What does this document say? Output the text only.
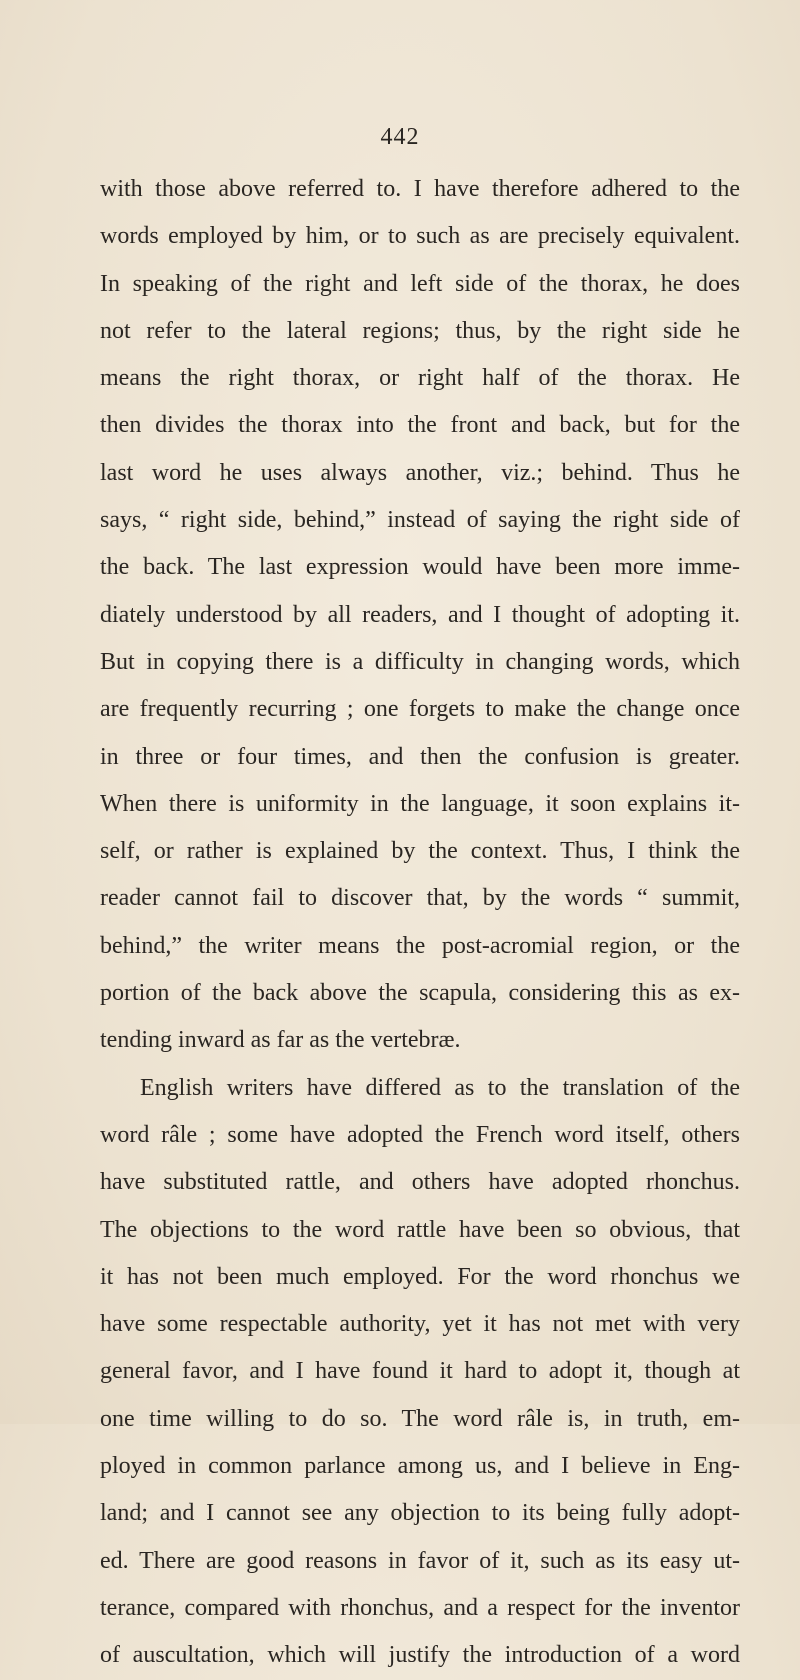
442
with those above referred to. I have therefore adhered to the
words employed by him, or to such as are precisely equivalent.
In speaking of the right and left side of the thorax, he does
not refer to the lateral regions; thus, by the right side he
means the right thorax, or right half of the thorax. He
then divides the thorax into the front and back, but for the
last word he uses always another, viz.; behind. Thus he
says, “ right side, behind,” instead of saying the right side of
the back. The last expression would have been more imme-
diately understood by all readers, and I thought of adopting it.
But in copying there is a difficulty in changing words, which
are frequently recurring ; one forgets to make the change once
in three or four times, and then the confusion is greater.
When there is uniformity in the language, it soon explains it-
self, or rather is explained by the context. Thus, I think the
reader cannot fail to discover that, by the words “ summit,
behind,” the writer means the post-acromial region, or the
portion of the back above the scapula, considering this as ex-
tending inward as far as the vertebræ.
English writers have differed as to the translation of the
word râle ; some have adopted the French word itself, others
have substituted rattle, and others have adopted rhonchus.
The objections to the word rattle have been so obvious, that
it has not been much employed. For the word rhonchus we
have some respectable authority, yet it has not met with very
general favor, and I have found it hard to adopt it, though at
one time willing to do so. The word râle is, in truth, em-
ployed in common parlance among us, and I believe in Eng-
land; and I cannot see any objection to its being fully adopt-
ed. There are good reasons in favor of it, such as its easy ut-
terance, compared with rhonchus, and a respect for the inventor
of auscultation, which will justify the introduction of a word
